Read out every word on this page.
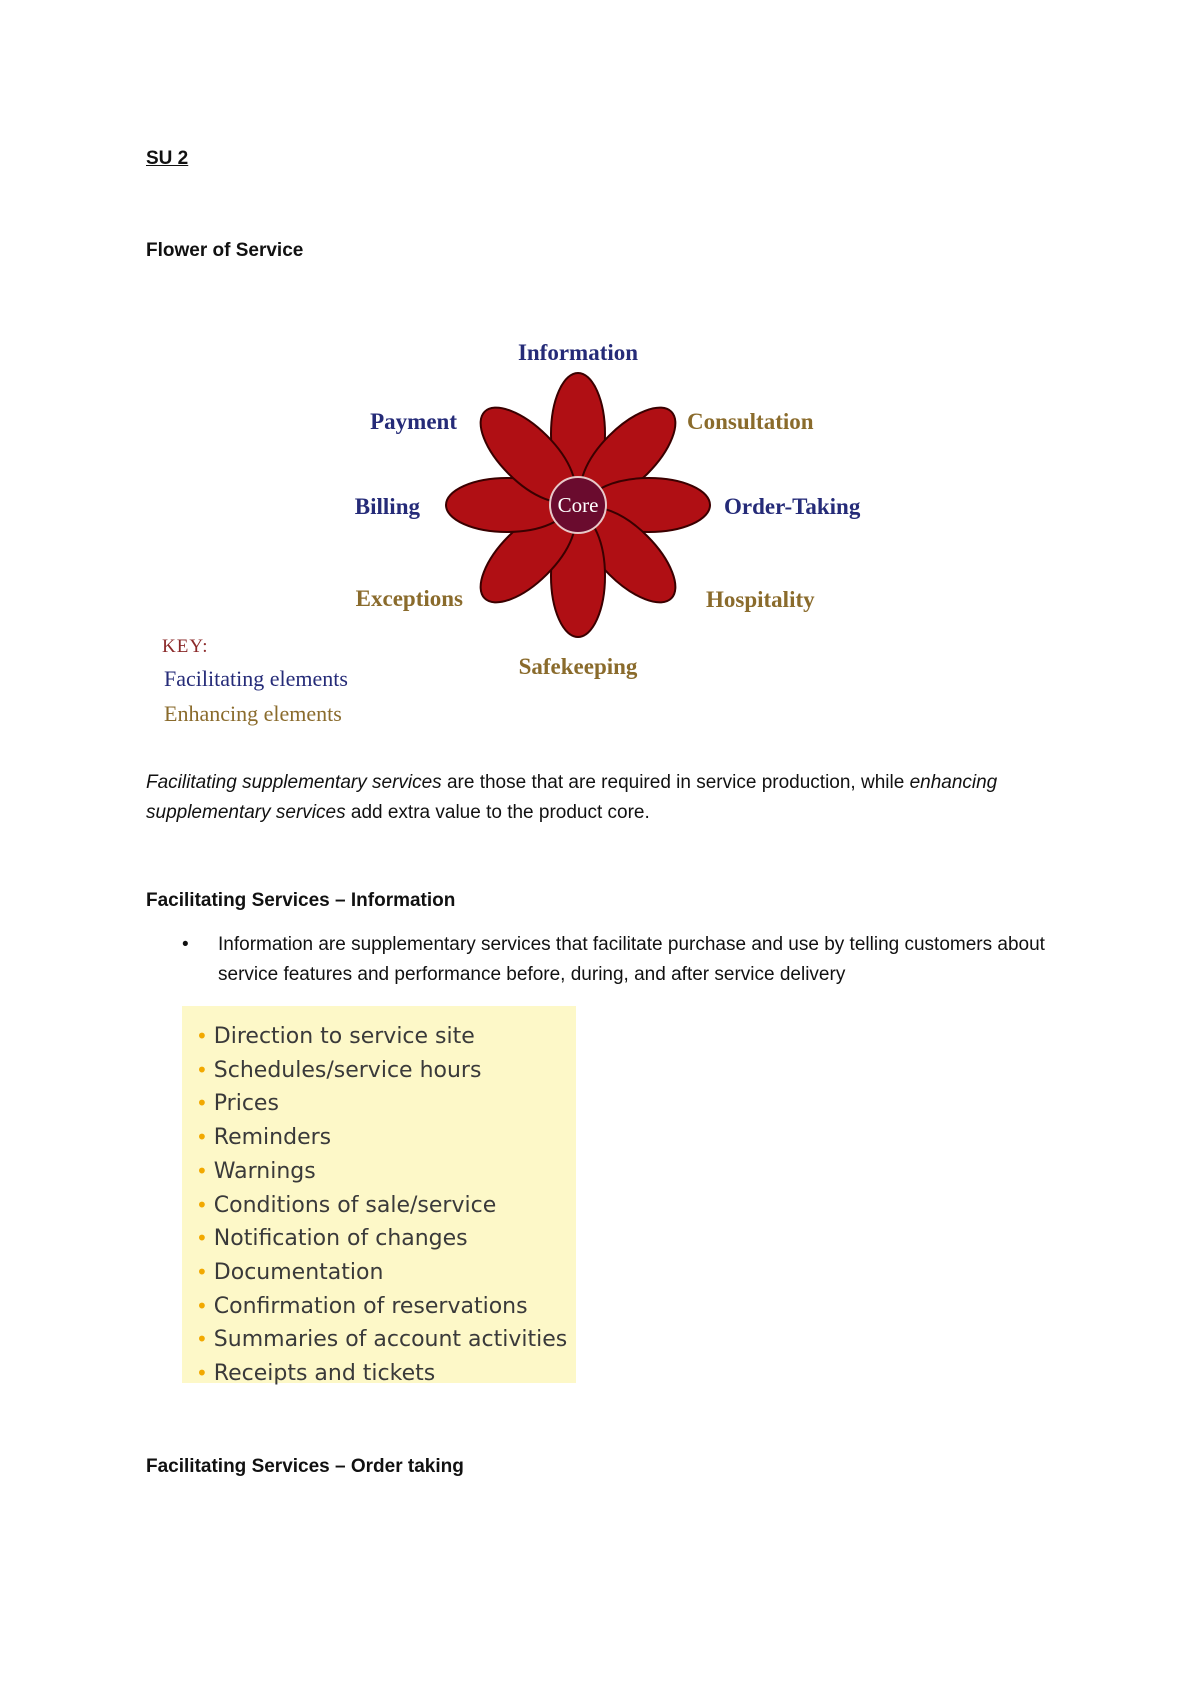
SU 2

Flower of Service

Core
Information
Consultation
Order-Taking
Hospitality
Safekeeping
Exceptions
Billing
Payment
KEY:
Facilitating elements
Enhancing elements

Facilitating supplementary services are those that are required in service production, while enhancing supplementary services add extra value to the product core.

Facilitating Services – Information

• Information are supplementary services that facilitate purchase and use by telling customers about service features and performance before, during, and after service delivery
• Direction to service site
• Schedules/service hours
• Prices
• Reminders
• Warnings
• Conditions of sale/service
• Notification of changes
• Documentation
• Confirmation of reservations
• Summaries of account activities
• Receipts and tickets

Facilitating Services – Order taking
